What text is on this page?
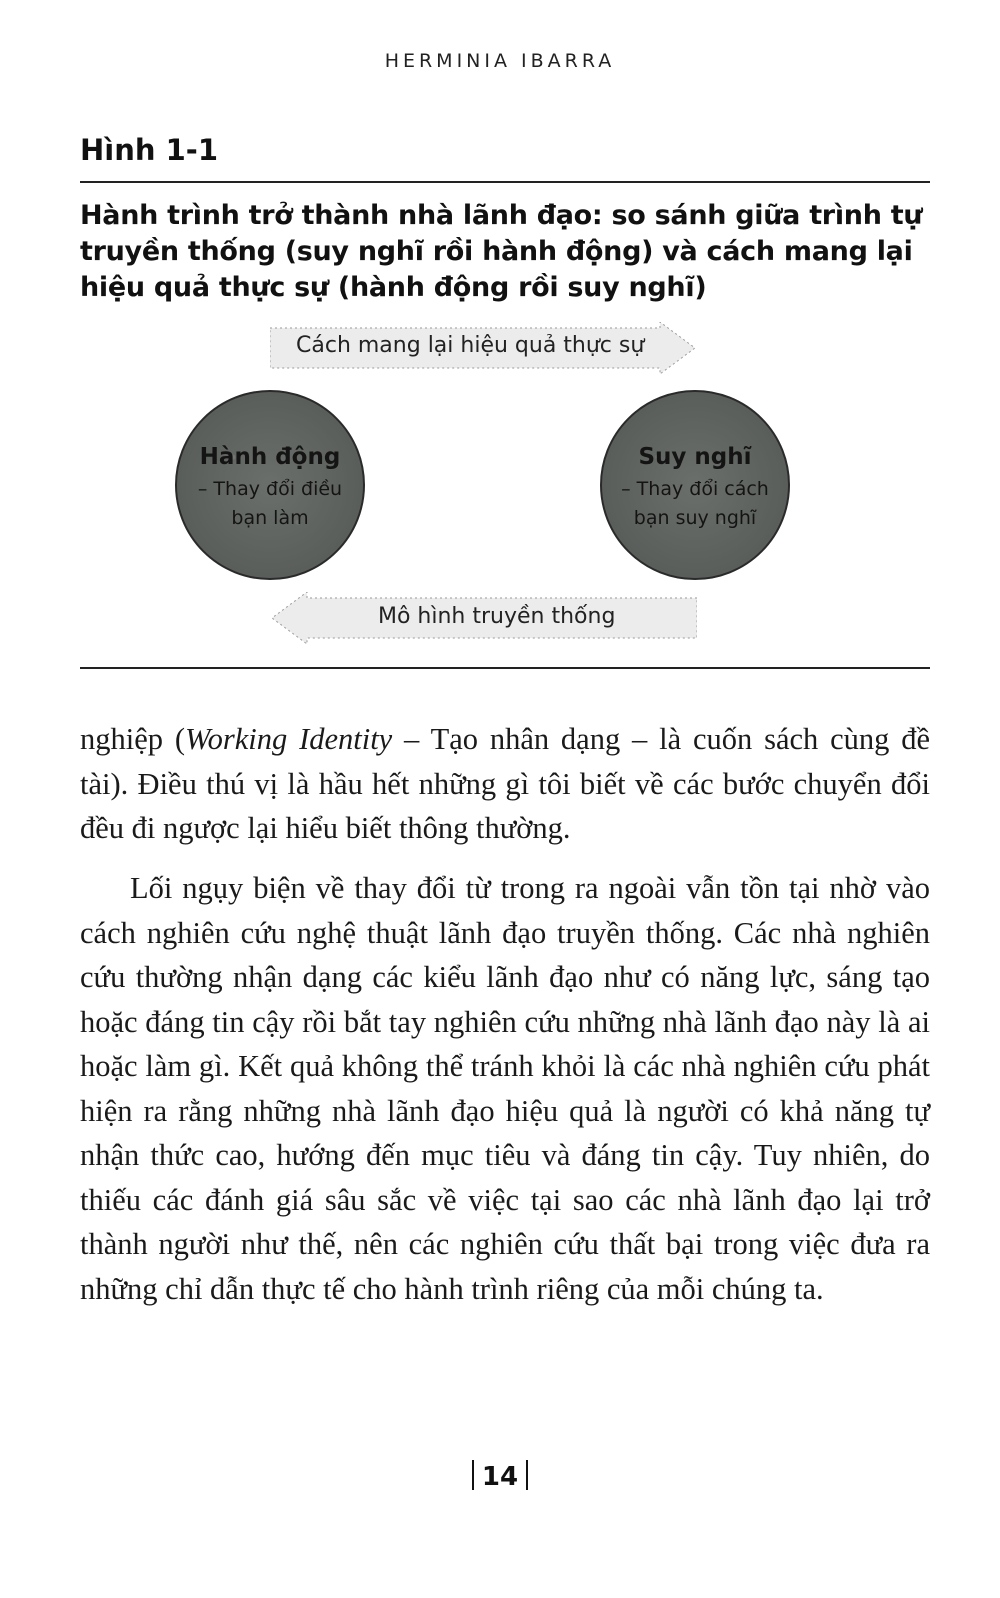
HERMINIA IBARRA
Hình 1-1
Hành trình trở thành nhà lãnh đạo: so sánh giữa trình tự truyền thống (suy nghĩ rồi hành động) và cách mang lại hiệu quả thực sự (hành động rồi suy nghĩ)
Cách mang lại hiệu quả thực sự
Hành động
– Thay đổi điều
bạn làm
Suy nghĩ
– Thay đổi cách
bạn suy nghĩ
Mô hình truyền thống

nghiệp (Working Identity – Tạo nhân dạng – là cuốn sách cùng đề tài). Điều thú vị là hầu hết những gì tôi biết về các bước chuyển đổi đều đi ngược lại hiểu biết thông thường.

Lối ngụy biện về thay đổi từ trong ra ngoài vẫn tồn tại nhờ vào cách nghiên cứu nghệ thuật lãnh đạo truyền thống. Các nhà nghiên cứu thường nhận dạng các kiểu lãnh đạo như có năng lực, sáng tạo hoặc đáng tin cậy rồi bắt tay nghiên cứu những nhà lãnh đạo này là ai hoặc làm gì. Kết quả không thể tránh khỏi là các nhà nghiên cứu phát hiện ra rằng những nhà lãnh đạo hiệu quả là người có khả năng tự nhận thức cao, hướng đến mục tiêu và đáng tin cậy. Tuy nhiên, do thiếu các đánh giá sâu sắc về việc tại sao các nhà lãnh đạo lại trở thành người như thế, nên các nghiên cứu thất bại trong việc đưa ra những chỉ dẫn thực tế cho hành trình riêng của mỗi chúng ta.

14
